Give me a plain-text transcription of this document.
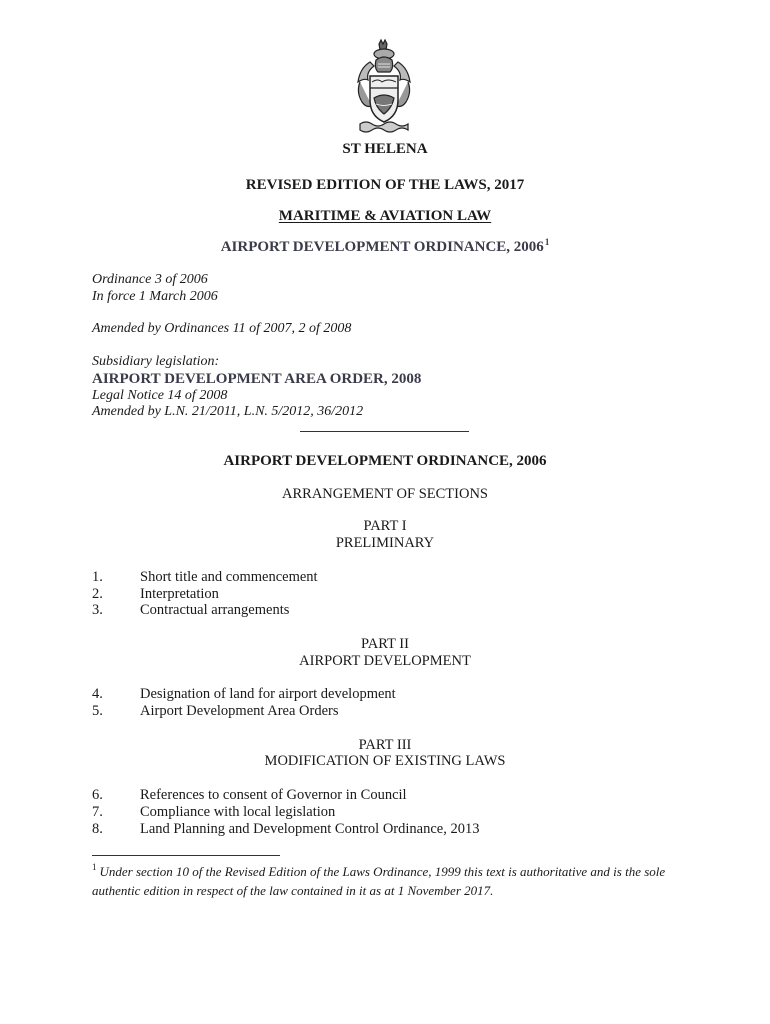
ST HELENA
REVISED EDITION OF THE LAWS, 2017
MARITIME & AVIATION LAW
AIRPORT DEVELOPMENT ORDINANCE, 2006$^1$
Ordinance 3 of 2006
In force 1 March 2006
Amended by Ordinances 11 of 2007, 2 of 2008
Subsidiary legislation:
AIRPORT DEVELOPMENT AREA ORDER, 2008
Legal Notice 14 of 2008
Amended by L.N. 21/2011, L.N. 5/2012, 36/2012
AIRPORT DEVELOPMENT ORDINANCE, 2006
ARRANGEMENT OF SECTIONS
PART I
PRELIMINARY
1.	Short title and commencement
2.	Interpretation
3.	Contractual arrangements
PART II
AIRPORT DEVELOPMENT
4.	Designation of land for airport development
5.	Airport Development Area Orders
PART III
MODIFICATION OF EXISTING LAWS
6.	References to consent of Governor in Council
7.	Compliance with local legislation
8.	Land Planning and Development Control Ordinance, 2013
$^1$ Under section 10 of the Revised Edition of the Laws Ordinance, 1999 this text is authoritative and is the sole authentic edition in respect of the law contained in it as at 1 November 2017.
